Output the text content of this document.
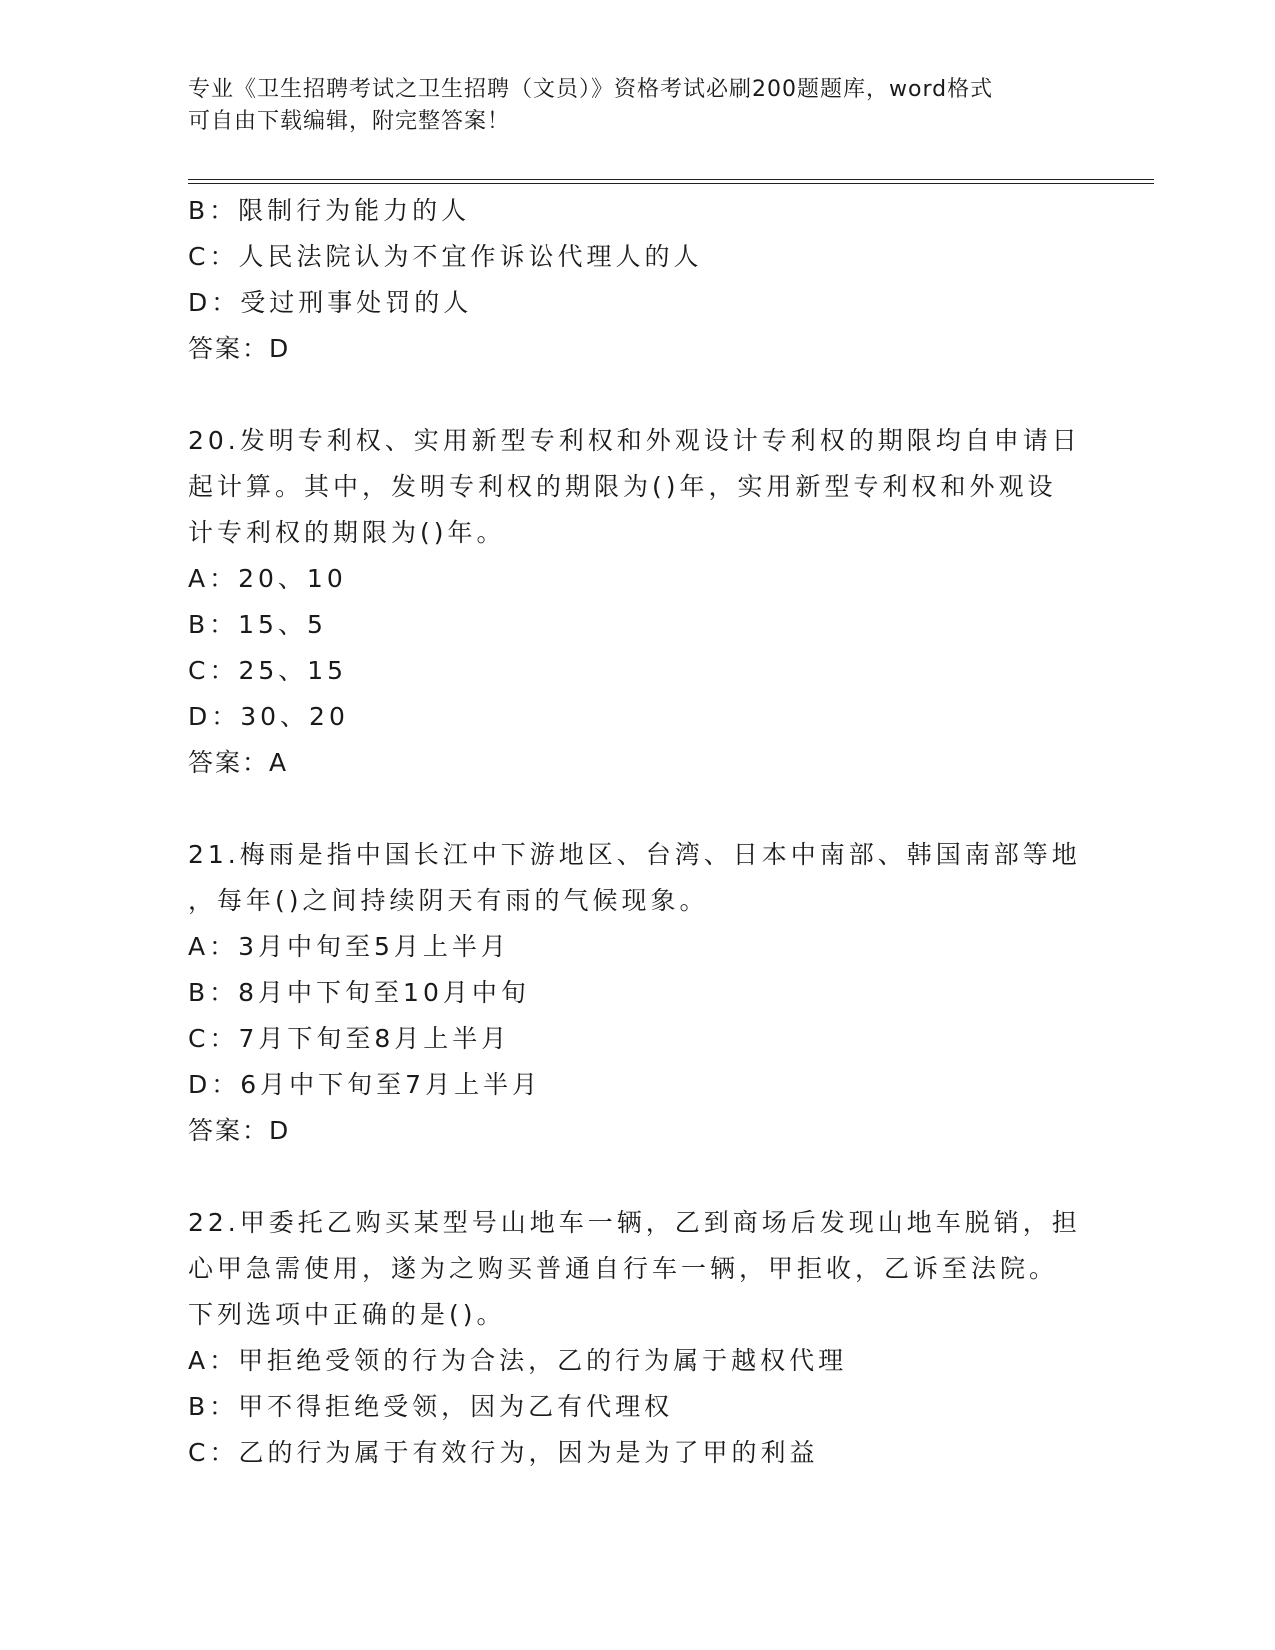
专业《卫生招聘考试之卫生招聘（文员）》资格考试必刷200题题库，word格式
可自由下载编辑，附完整答案！
B：限制行为能力的人
C：人民法院认为不宜作诉讼代理人的人
D：受过刑事处罚的人
答案：D
20.发明专利权、实用新型专利权和外观设计专利权的期限均自申请日
起计算。其中，发明专利权的期限为()年，实用新型专利权和外观设
计专利权的期限为()年。
A：20、10
B：15、5
C：25、15
D：30、20
答案：A
21.梅雨是指中国长江中下游地区、台湾、日本中南部、韩国南部等地
，每年()之间持续阴天有雨的气候现象。
A：3月中旬至5月上半月
B：8月中下旬至10月中旬
C：7月下旬至8月上半月
D：6月中下旬至7月上半月
答案：D
22.甲委托乙购买某型号山地车一辆，乙到商场后发现山地车脱销，担
心甲急需使用，遂为之购买普通自行车一辆，甲拒收，乙诉至法院。
下列选项中正确的是()。
A：甲拒绝受领的行为合法，乙的行为属于越权代理
B：甲不得拒绝受领，因为乙有代理权
C：乙的行为属于有效行为，因为是为了甲的利益
